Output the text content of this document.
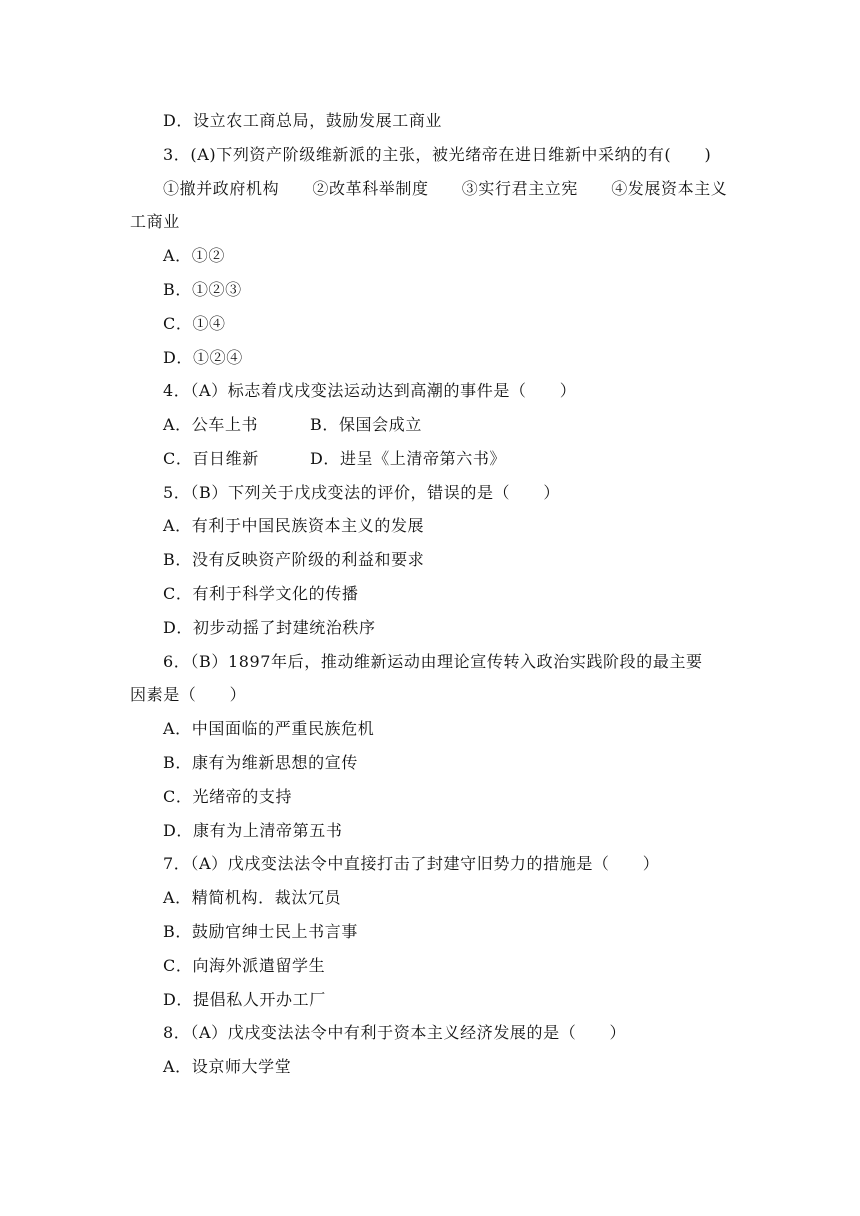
D．设立农工商总局，鼓励发展工商业
3．(A)下列资产阶级维新派的主张，被光绪帝在进日维新中采纳的有(　　)
①撤并政府机构　　②改革科举制度　　③实行君主立宪　　④发展资本主义
工商业
A．①②
B．①②③
C．①④
D．①②④
4．（A）标志着戊戌变法运动达到高潮的事件是（　　）
A．公车上书	B．保国会成立
C．百日维新	D．进呈《上清帝第六书》
5．（B）下列关于戊戌变法的评价，错误的是（　　）
A．有利于中国民族资本主义的发展
B．没有反映资产阶级的利益和要求
C．有利于科学文化的传播
D．初步动摇了封建统治秩序
6．（B）1897年后，推动维新运动由理论宣传转入政治实践阶段的最主要
因素是（　　）
A．中国面临的严重民族危机
B．康有为维新思想的宣传
C．光绪帝的支持
D．康有为上清帝第五书
7．（A）戊戌变法法令中直接打击了封建守旧势力的措施是（　　）
A．精简机构．裁汰冗员
B．鼓励官绅士民上书言事
C．向海外派遣留学生
D．提倡私人开办工厂
8．（A）戊戌变法法令中有利于资本主义经济发展的是（　　）
A．设京师大学堂
